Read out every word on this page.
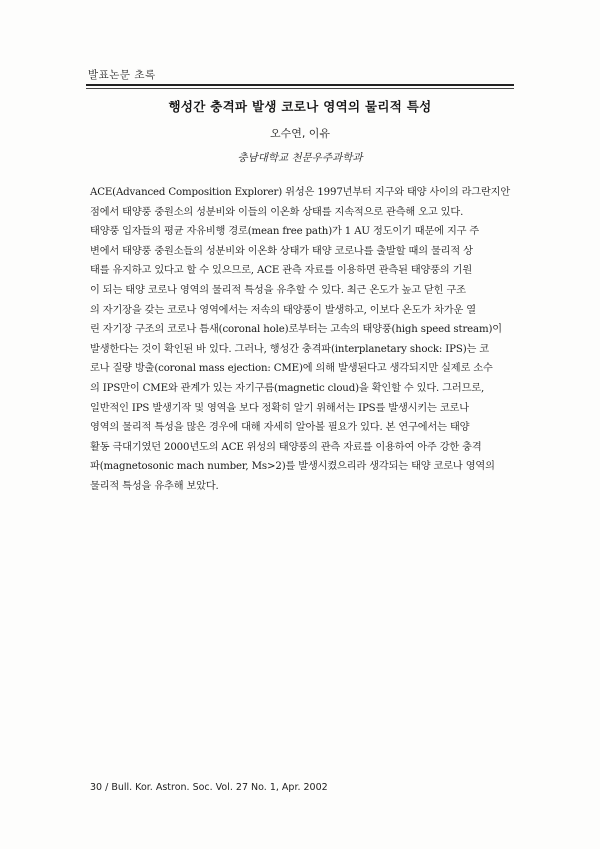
발표논문 초록
행성간 충격파 발생 코로나 영역의 물리적 특성
오수연, 이유
충남대학교 천문우주과학과
ACE(Advanced Composition Explorer) 위성은 1997년부터 지구와 태양 사이의 라그란지안
점에서 태양풍 중원소의 성분비와 이들의 이온화 상태를 지속적으로 관측해 오고 있다.
태양풍 입자들의 평균 자유비행 경로(mean free path)가 1 AU 정도이기 때문에 지구 주
변에서 태양풍 중원소들의 성분비와 이온화 상태가 태양 코로나를 출발할 때의 물리적 상
태를 유지하고 있다고 할 수 있으므로, ACE 관측 자료를 이용하면 관측된 태양풍의 기원
이 되는 태양 코로나 영역의 물리적 특성을 유추할 수 있다. 최근 온도가 높고 닫힌 구조
의 자기장을 갖는 코로나 영역에서는 저속의 태양풍이 발생하고, 이보다 온도가 차가운 열
린 자기장 구조의 코로나 틈새(coronal hole)로부터는 고속의 태양풍(high speed stream)이
발생한다는 것이 확인된 바 있다. 그러나, 행성간 충격파(interplanetary shock: IPS)는 코
로나 질량 방출(coronal mass ejection: CME)에 의해 발생된다고 생각되지만 실제로 소수
의 IPS만이 CME와 관계가 있는 자기구름(magnetic cloud)을 확인할 수 있다. 그러므로,
일반적인 IPS 발생기작 및 영역을 보다 정확히 알기 위해서는 IPS를 발생시키는 코로나
영역의 물리적 특성을 많은 경우에 대해 자세히 알아볼 필요가 있다. 본 연구에서는 태양
활동 극대기였던 2000년도의 ACE 위성의 태양풍의 관측 자료를 이용하여 아주 강한 충격
파(magnetosonic mach number, Ms>2)를 발생시켰으리라 생각되는 태양 코로나 영역의
물리적 특성을 유추해 보았다.
30 / Bull. Kor. Astron. Soc. Vol. 27 No. 1, Apr. 2002
